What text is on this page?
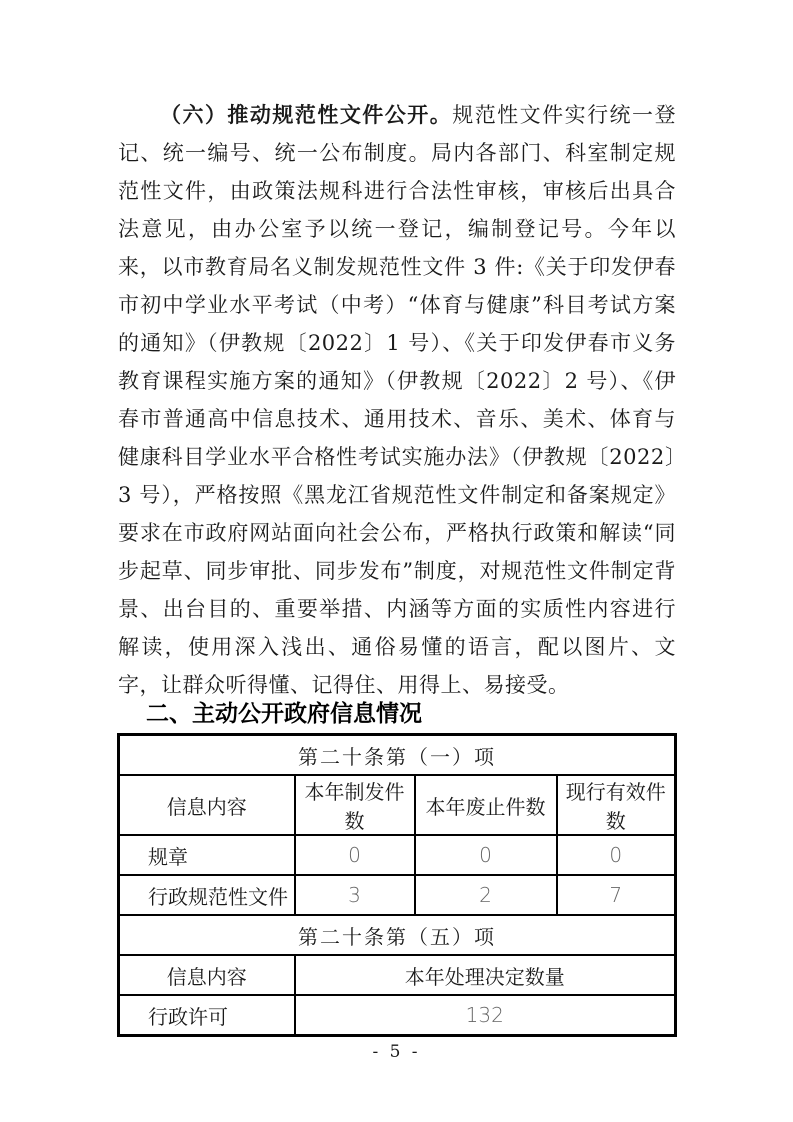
（六）推动规范性文件公开。规范性文件实行统一登记、统一编号、统一公布制度。局内各部门、科室制定规范性文件，由政策法规科进行合法性审核，审核后出具合法意见，由办公室予以统一登记，编制登记号。今年以来，以市教育局名义制发规范性文件 3 件:《关于印发伊春市初中学业水平考试（中考）“体育与健康”科目考试方案的通知》（伊教规〔2022〕1 号）、《关于印发伊春市义务教育课程实施方案的通知》（伊教规〔2022〕2 号）、《伊春市普通高中信息技术、通用技术、音乐、美术、体育与健康科目学业水平合格性考试实施办法》（伊教规〔2022〕3 号），严格按照《黑龙江省规范性文件制定和备案规定》要求在市政府网站面向社会公布，严格执行政策和解读“同步起草、同步审批、同步发布”制度，对规范性文件制定背景、出台目的、重要举措、内涵等方面的实质性内容进行解读，使用深入浅出、通俗易懂的语言，配以图片、文字，让群众听得懂、记得住、用得上、易接受。

二、主动公开政府信息情况
第二十条第（一）项			
信息内容	本年制发件数	本年废止件数	现行有效件数
规章	0	0	0
行政规范性文件	3	2	7
第二十条第（五）项			
信息内容	本年处理决定数量		
行政许可	132		
- 5 -
